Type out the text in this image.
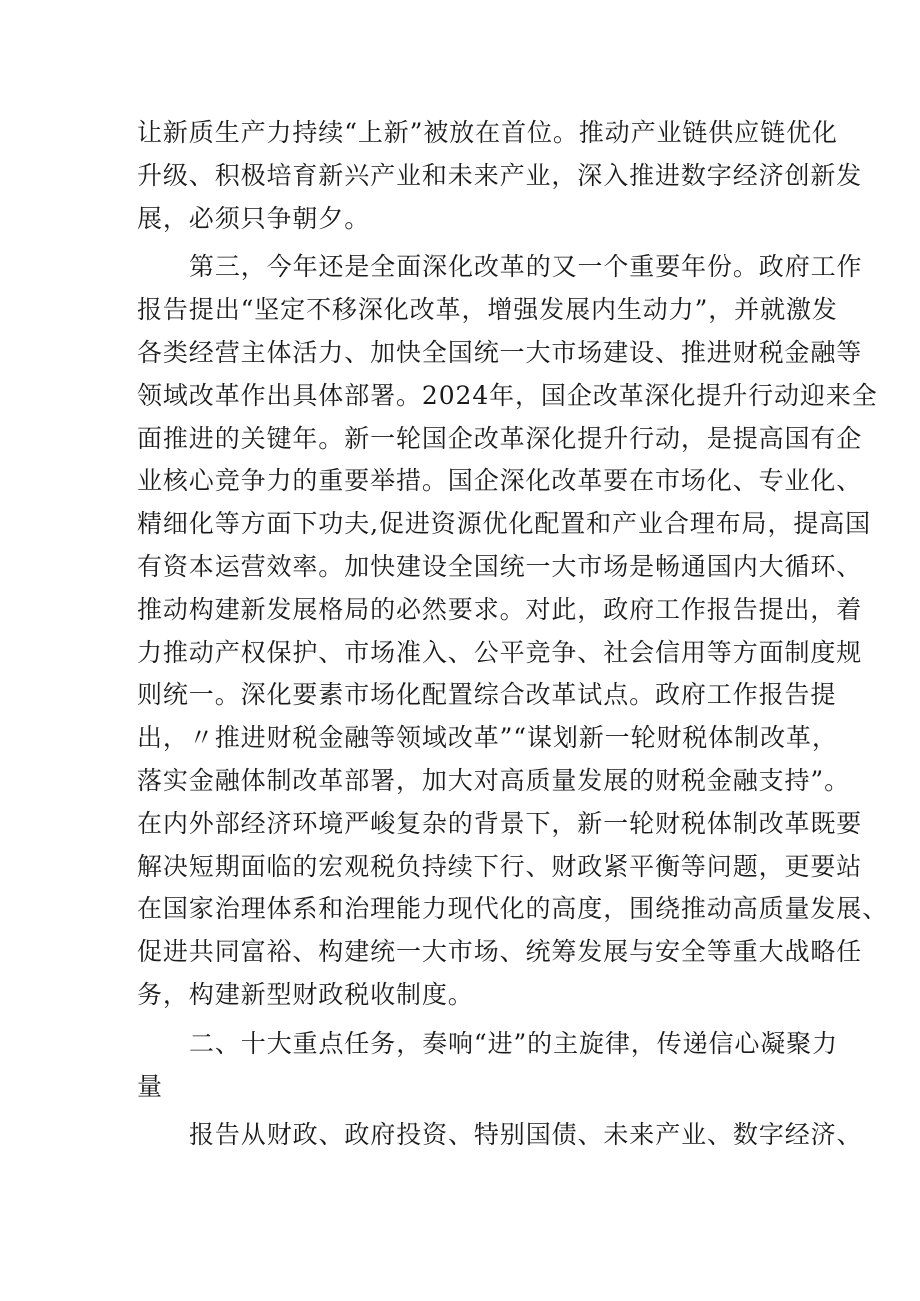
让新质生产力持续“上新”被放在首位。推动产业链供应链优化
升级、积极培育新兴产业和未来产业，深入推进数字经济创新发
展，必须只争朝夕。
第三，今年还是全面深化改革的又一个重要年份。政府工作
报告提出“坚定不移深化改革，增强发展内生动力”，并就激发
各类经营主体活力、加快全国统一大市场建设、推进财税金融等
领域改革作出具体部署。2024年，国企改革深化提升行动迎来全
面推进的关键年。新一轮国企改革深化提升行动，是提高国有企
业核心竞争力的重要举措。国企深化改革要在市场化、专业化、
精细化等方面下功夫,促进资源优化配置和产业合理布局，提高国
有资本运营效率。加快建设全国统一大市场是畅通国内大循环、
推动构建新发展格局的必然要求。对此，政府工作报告提出，着
力推动产权保护、市场准入、公平竞争、社会信用等方面制度规
则统一。深化要素市场化配置综合改革试点。政府工作报告提
出，〃推进财税金融等领域改革”“谋划新一轮财税体制改革，
落实金融体制改革部署，加大对高质量发展的财税金融支持”。
在内外部经济环境严峻复杂的背景下，新一轮财税体制改革既要
解决短期面临的宏观税负持续下行、财政紧平衡等问题，更要站
在国家治理体系和治理能力现代化的高度，围绕推动高质量发展、
促进共同富裕、构建统一大市场、统筹发展与安全等重大战略任
务，构建新型财政税收制度。
二、十大重点任务，奏响“进”的主旋律，传递信心凝聚力
量
报告从财政、政府投资、特别国债、未来产业、数字经济、
